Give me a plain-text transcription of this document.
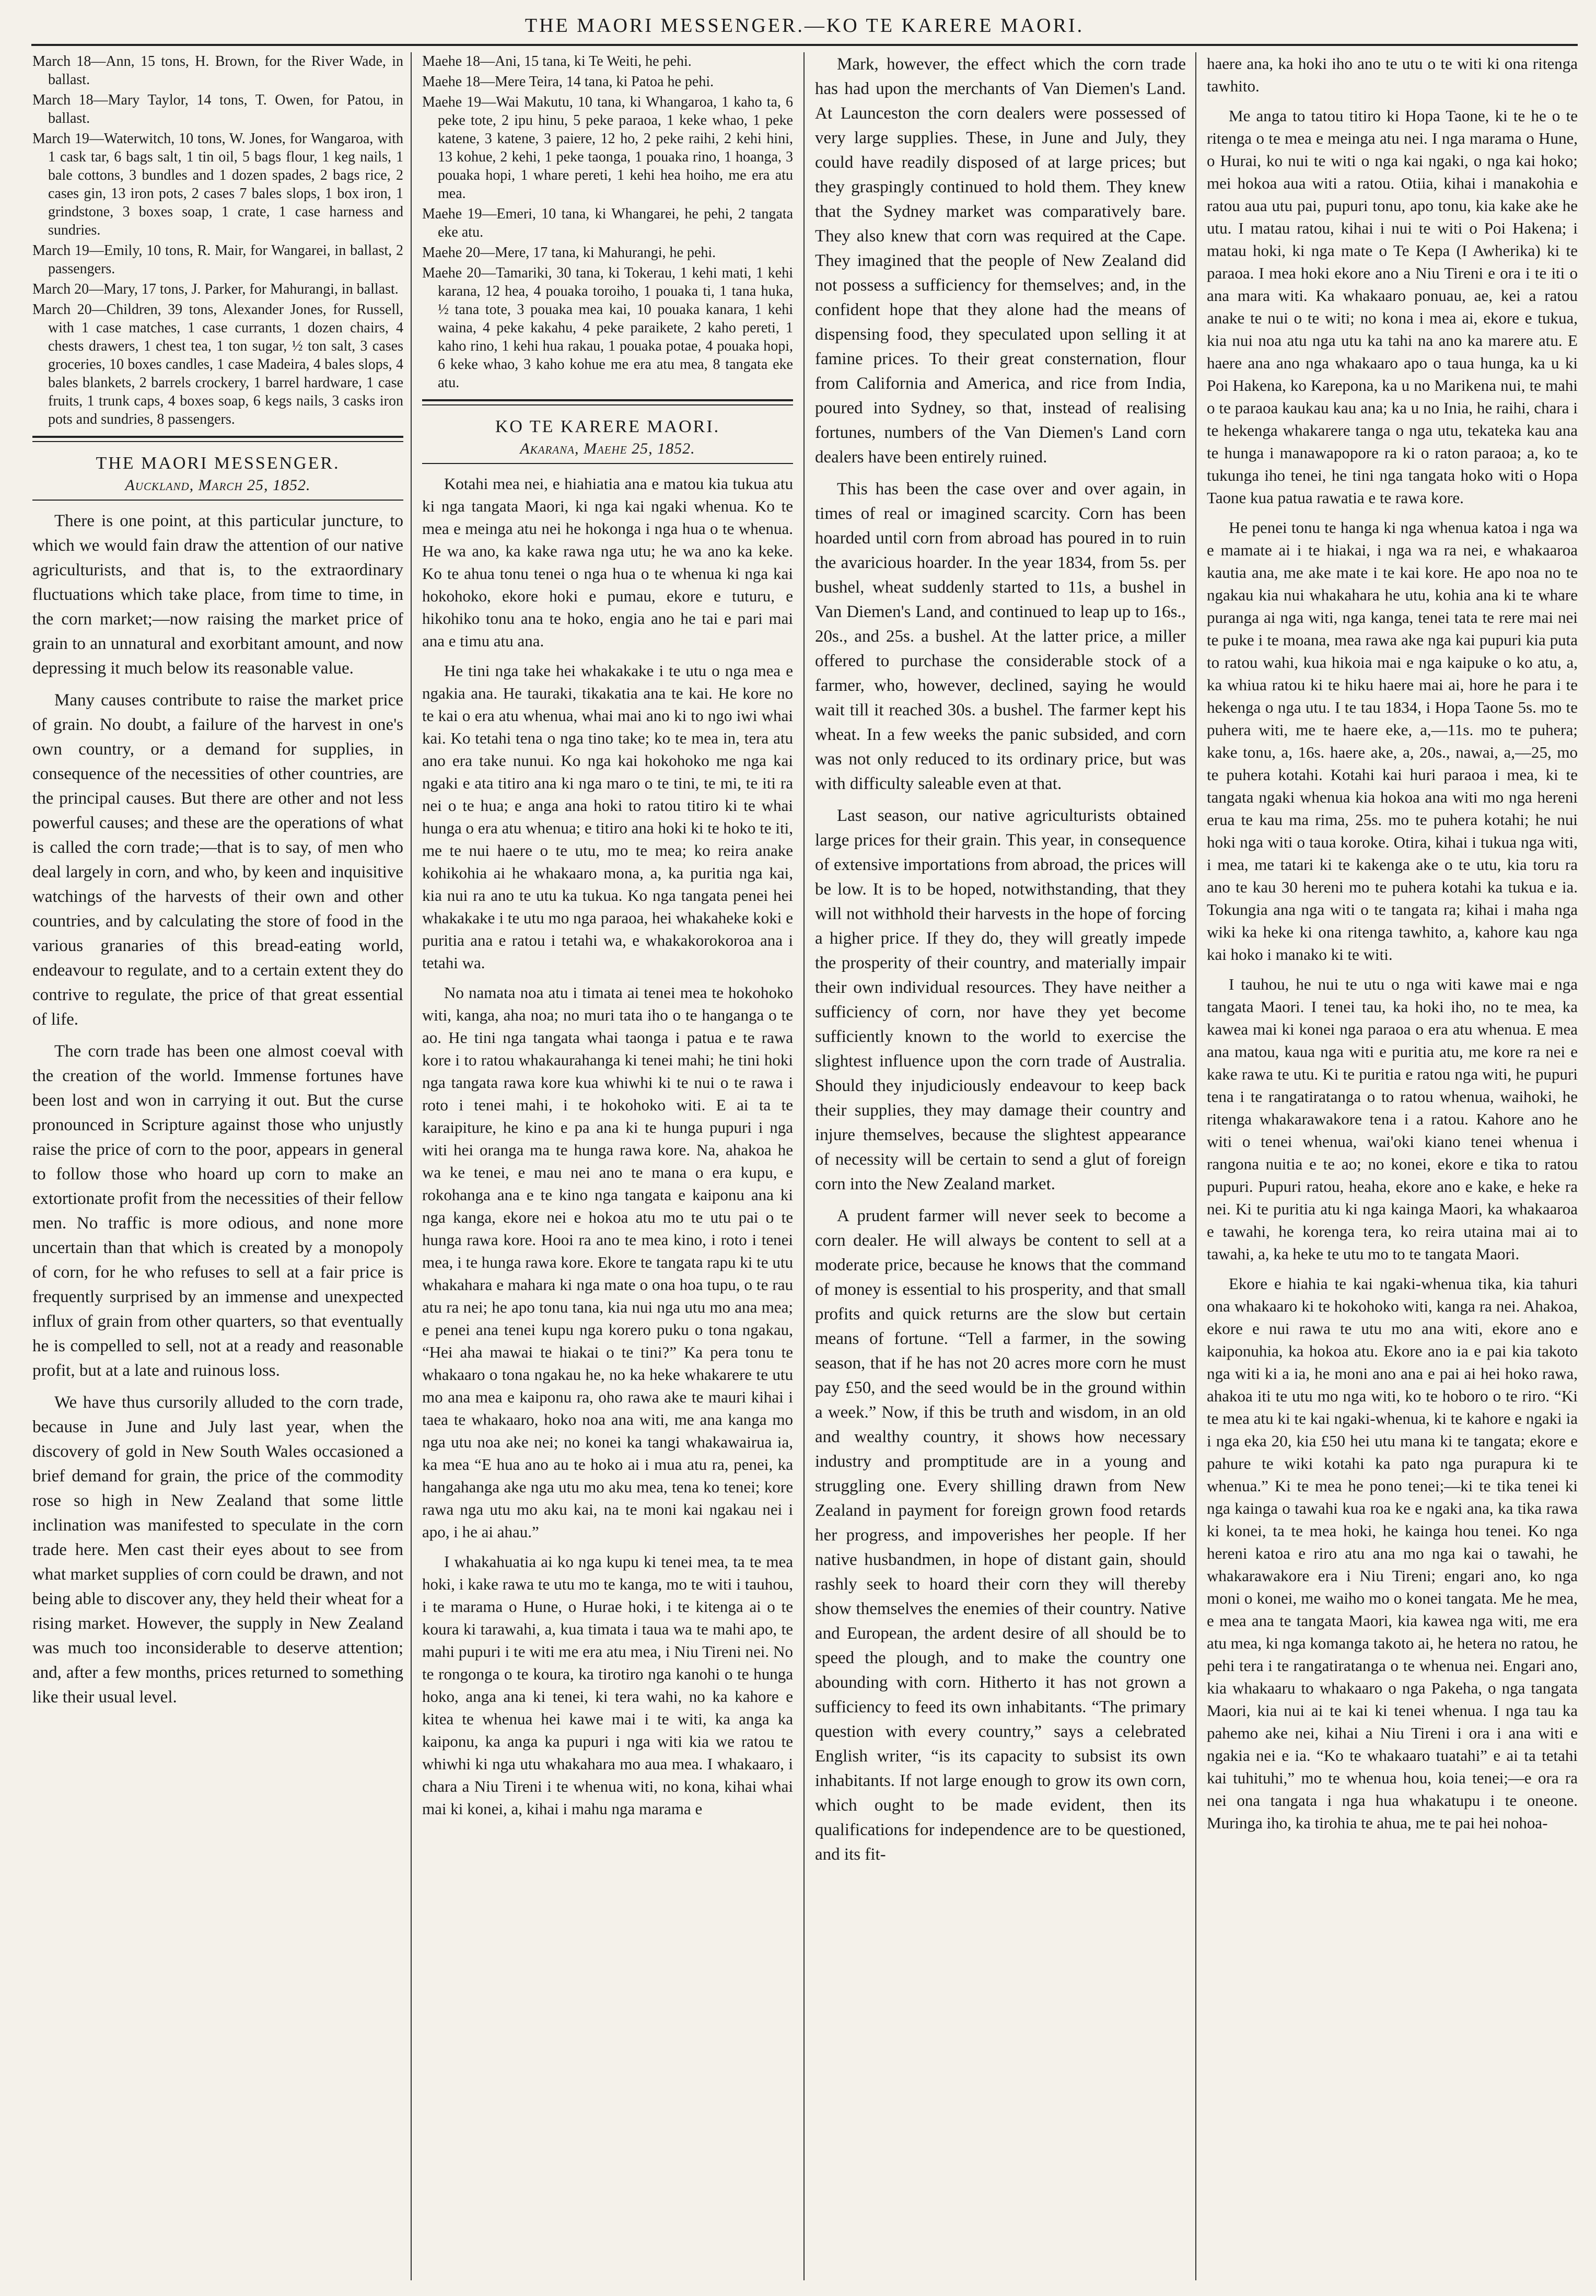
THE MAORI MESSENGER.—KO TE KARERE MAORI.

March 18—Ann, 15 tons, H. Brown, for the River Wade, in ballast.

March 18—Mary Taylor, 14 tons, T. Owen, for Patou, in ballast.

March 19—Waterwitch, 10 tons, W. Jones, for Wangaroa, with 1 cask tar, 6 bags salt, 1 tin oil, 5 bags flour, 1 keg nails, 1 bale cottons, 3 bundles and 1 dozen spades, 2 bags rice, 2 cases gin, 13 iron pots, 2 cases 7 bales slops, 1 box iron, 1 grindstone, 3 boxes soap, 1 crate, 1 case harness and sundries.

March 19—Emily, 10 tons, R. Mair, for Wangarei, in ballast, 2 passengers.

March 20—Mary, 17 tons, J. Parker, for Mahurangi, in ballast.

March 20—Children, 39 tons, Alexander Jones, for Russell, with 1 case matches, 1 case currants, 1 dozen chairs, 4 chests drawers, 1 chest tea, 1 ton sugar, ½ ton salt, 3 cases groceries, 10 boxes candles, 1 case Madeira, 4 bales slops, 4 bales blankets, 2 barrels crockery, 1 barrel hardware, 1 case fruits, 1 trunk caps, 4 boxes soap, 6 kegs nails, 3 casks iron pots and sundries, 8 passengers.

THE MAORI MESSENGER.
Auckland, March 25, 1852.

There is one point, at this particular juncture, to which we would fain draw the attention of our native agriculturists, and that is, to the extraordinary fluctuations which take place, from time to time, in the corn market;—now raising the market price of grain to an unnatural and exorbitant amount, and now depressing it much below its reasonable value.

Many causes contribute to raise the market price of grain. No doubt, a failure of the harvest in one's own country, or a demand for supplies, in consequence of the necessities of other countries, are the principal causes. But there are other and not less powerful causes; and these are the operations of what is called the corn trade;—that is to say, of men who deal largely in corn, and who, by keen and inquisitive watchings of the harvests of their own and other countries, and by calculating the store of food in the various granaries of this bread-eating world, endeavour to regulate, and to a certain extent they do contrive to regulate, the price of that great essential of life.

The corn trade has been one almost coeval with the creation of the world. Immense fortunes have been lost and won in carrying it out. But the curse pronounced in Scripture against those who unjustly raise the price of corn to the poor, appears in general to follow those who hoard up corn to make an extortionate profit from the necessities of their fellow men. No traffic is more odious, and none more uncertain than that which is created by a monopoly of corn, for he who refuses to sell at a fair price is frequently surprised by an immense and unexpected influx of grain from other quarters, so that eventually he is compelled to sell, not at a ready and reasonable profit, but at a late and ruinous loss.

We have thus cursorily alluded to the corn trade, because in June and July last year, when the discovery of gold in New South Wales occasioned a brief demand for grain, the price of the commodity rose so high in New Zealand that some little inclination was manifested to speculate in the corn trade here. Men cast their eyes about to see from what market supplies of corn could be drawn, and not being able to discover any, they held their wheat for a rising market. However, the supply in New Zealand was much too inconsiderable to deserve attention; and, after a few months, prices returned to something like their usual level.

Maehe 18—Ani, 15 tana, ki Te Weiti, he pehi.

Maehe 18—Mere Teira, 14 tana, ki Patoa he pehi.

Maehe 19—Wai Makutu, 10 tana, ki Whangaroa, 1 kaho ta, 6 peke tote, 2 ipu hinu, 5 peke paraoa, 1 keke whao, 1 peke katene, 3 katene, 3 paiere, 12 ho, 2 peke raihi, 2 kehi hini, 13 kohue, 2 kehi, 1 peke taonga, 1 pouaka rino, 1 hoanga, 3 pouaka hopi, 1 whare pereti, 1 kehi hea hoiho, me era atu mea.

Maehe 19—Emeri, 10 tana, ki Whangarei, he pehi, 2 tangata eke atu.

Maehe 20—Mere, 17 tana, ki Mahurangi, he pehi.

Maehe 20—Tamariki, 30 tana, ki Tokerau, 1 kehi mati, 1 kehi karana, 12 hea, 4 pouaka toroiho, 1 pouaka ti, 1 tana huka, ½ tana tote, 3 pouaka mea kai, 10 pouaka kanara, 1 kehi waina, 4 peke kakahu, 4 peke paraikete, 2 kaho pereti, 1 kaho rino, 1 kehi hua rakau, 1 pouaka potae, 4 pouaka hopi, 6 keke whao, 3 kaho kohue me era atu mea, 8 tangata eke atu.

KO TE KARERE MAORI.
Akarana, Maehe 25, 1852.

Kotahi mea nei, e hiahiatia ana e matou kia tukua atu ki nga tangata Maori, ki nga kai ngaki whenua. Ko te mea e meinga atu nei he hokonga i nga hua o te whenua. He wa ano, ka kake rawa nga utu; he wa ano ka keke. Ko te ahua tonu tenei o nga hua o te whenua ki nga kai hokohoko, ekore hoki e pumau, ekore e tuturu, e hikohiko tonu ana te hoko, engia ano he tai e pari mai ana e timu atu ana.

He tini nga take hei whakakake i te utu o nga mea e ngakia ana. He tauraki, tikakatia ana te kai. He kore no te kai o era atu whenua, whai mai ano ki to ngo iwi whai kai. Ko tetahi tena o nga tino take; ko te mea in, tera atu ano era take nunui. Ko nga kai hokohoko me nga kai ngaki e ata titiro ana ki nga maro o te tini, te mi, te iti ra nei o te hua; e anga ana hoki to ratou titiro ki te whai hunga o era atu whenua; e titiro ana hoki ki te hoko te iti, me te nui haere o te utu, mo te mea; ko reira anake kohikohia ai he whakaaro mona, a, ka puritia nga kai, kia nui ra ano te utu ka tukua. Ko nga tangata penei hei whakakake i te utu mo nga paraoa, hei whakaheke koki e puritia ana e ratou i tetahi wa, e whakakorokoroa ana i tetahi wa.

No namata noa atu i timata ai tenei mea te hokohoko witi, kanga, aha noa; no muri tata iho o te hanganga o te ao. He tini nga tangata whai taonga i patua e te rawa kore i to ratou whakaurahanga ki tenei mahi; he tini hoki nga tangata rawa kore kua whiwhi ki te nui o te rawa i roto i tenei mahi, i te hokohoko witi. E ai ta te karaipiture, he kino e pa ana ki te hunga pupuri i nga witi hei oranga ma te hunga rawa kore. Na, ahakoa he wa ke tenei, e mau nei ano te mana o era kupu, e rokohanga ana e te kino nga tangata e kaiponu ana ki nga kanga, ekore nei e hokoa atu mo te utu pai o te hunga rawa kore. Hooi ra ano te mea kino, i roto i tenei mea, i te hunga rawa kore. Ekore te tangata rapu ki te utu whakahara e mahara ki nga mate o ona hoa tupu, o te rau atu ra nei; he apo tonu tana, kia nui nga utu mo ana mea; e penei ana tenei kupu nga korero puku o tona ngakau, “Hei aha mawai te hiakai o te tini?” Ka pera tonu te whakaaro o tona ngakau he, no ka heke whakarere te utu mo ana mea e kaiponu ra, oho rawa ake te mauri kihai i taea te whakaaro, hoko noa ana witi, me ana kanga mo nga utu noa ake nei; no konei ka tangi whakawairua ia, ka mea “E hua ano au te hoko ai i mua atu ra, penei, ka hangahanga ake nga utu mo aku mea, tena ko tenei; kore rawa nga utu mo aku kai, na te moni kai ngakau nei i apo, i he ai ahau.”

I whakahuatia ai ko nga kupu ki tenei mea, ta te mea hoki, i kake rawa te utu mo te kanga, mo te witi i tauhou, i te marama o Hune, o Hurae hoki, i te kitenga ai o te koura ki tarawahi, a, kua timata i taua wa te mahi apo, te mahi pupuri i te witi me era atu mea, i Niu Tireni nei. No te rongonga o te koura, ka tirotiro nga kanohi o te hunga hoko, anga ana ki tenei, ki tera wahi, no ka kahore e kitea te whenua hei kawe mai i te witi, ka anga ka kaiponu, ka anga ka pupuri i nga witi kia we ratou te whiwhi ki nga utu whakahara mo aua mea. I whakaaro, i chara a Niu Tireni i te whenua witi, no kona, kihai whai mai ki konei, a, kihai i mahu nga marama e

Mark, however, the effect which the corn trade has had upon the merchants of Van Diemen's Land. At Launceston the corn dealers were possessed of very large supplies. These, in June and July, they could have readily disposed of at large prices; but they graspingly continued to hold them. They knew that the Sydney market was comparatively bare. They also knew that corn was required at the Cape. They imagined that the people of New Zealand did not possess a sufficiency for themselves; and, in the confident hope that they alone had the means of dispensing food, they speculated upon selling it at famine prices. To their great consternation, flour from California and America, and rice from India, poured into Sydney, so that, instead of realising fortunes, numbers of the Van Diemen's Land corn dealers have been entirely ruined.

This has been the case over and over again, in times of real or imagined scarcity. Corn has been hoarded until corn from abroad has poured in to ruin the avaricious hoarder. In the year 1834, from 5s. per bushel, wheat suddenly started to 11s, a bushel in Van Diemen's Land, and continued to leap up to 16s., 20s., and 25s. a bushel. At the latter price, a miller offered to purchase the considerable stock of a farmer, who, however, declined, saying he would wait till it reached 30s. a bushel. The farmer kept his wheat. In a few weeks the panic subsided, and corn was not only reduced to its ordinary price, but was with difficulty saleable even at that.

Last season, our native agriculturists obtained large prices for their grain. This year, in consequence of extensive importations from abroad, the prices will be low. It is to be hoped, notwithstanding, that they will not withhold their harvests in the hope of forcing a higher price. If they do, they will greatly impede the prosperity of their country, and materially impair their own individual resources. They have neither a sufficiency of corn, nor have they yet become sufficiently known to the world to exercise the slightest influence upon the corn trade of Australia. Should they injudiciously endeavour to keep back their supplies, they may damage their country and injure themselves, because the slightest appearance of necessity will be certain to send a glut of foreign corn into the New Zealand market.

A prudent farmer will never seek to become a corn dealer. He will always be content to sell at a moderate price, because he knows that the command of money is essential to his prosperity, and that small profits and quick returns are the slow but certain means of fortune. “Tell a farmer, in the sowing season, that if he has not 20 acres more corn he must pay £50, and the seed would be in the ground within a week.” Now, if this be truth and wisdom, in an old and wealthy country, it shows how necessary industry and promptitude are in a young and struggling one. Every shilling drawn from New Zealand in payment for foreign grown food retards her progress, and impoverishes her people. If her native husbandmen, in hope of distant gain, should rashly seek to hoard their corn they will thereby show themselves the enemies of their country. Native and European, the ardent desire of all should be to speed the plough, and to make the country one abounding with corn. Hitherto it has not grown a sufficiency to feed its own inhabitants. “The primary question with every country,” says a celebrated English writer, “is its capacity to subsist its own inhabitants. If not large enough to grow its own corn, which ought to be made evident, then its qualifications for independence are to be questioned, and its fit-

haere ana, ka hoki iho ano te utu o te witi ki ona ritenga tawhito.

Me anga to tatou titiro ki Hopa Taone, ki te he o te ritenga o te mea e meinga atu nei. I nga marama o Hune, o Hurai, ko nui te witi o nga kai ngaki, o nga kai hoko; mei hokoa aua witi a ratou. Otiia, kihai i manakohia e ratou aua utu pai, pupuri tonu, apo tonu, kia kake ake he utu. I matau ratou, kihai i nui te witi o Poi Hakena; i matau hoki, ki nga mate o Te Kepa (I Awherika) ki te paraoa. I mea hoki ekore ano a Niu Tireni e ora i te iti o ana mara witi. Ka whakaaro ponuau, ae, kei a ratou anake te nui o te witi; no kona i mea ai, ekore e tukua, kia nui noa atu nga utu ka tahi na ano ka marere atu. E haere ana ano nga whakaaro apo o taua hunga, ka u ki Poi Hakena, ko Karepona, ka u no Marikena nui, te mahi o te paraoa kaukau kau ana; ka u no Inia, he raihi, chara i te hekenga whakarere tanga o nga utu, tekateka kau ana te hunga i manawapopore ra ki o raton paraoa; a, ko te tukunga iho tenei, he tini nga tangata hoko witi o Hopa Taone kua patua rawatia e te rawa kore.

He penei tonu te hanga ki nga whenua katoa i nga wa e mamate ai i te hiakai, i nga wa ra nei, e whakaaroa kautia ana, me ake mate i te kai kore. He apo noa no te ngakau kia nui whakahara he utu, kohia ana ki te whare puranga ai nga witi, nga kanga, tenei tata te rere mai nei te puke i te moana, mea rawa ake nga kai pupuri kia puta to ratou wahi, kua hikoia mai e nga kaipuke o ko atu, a, ka whiua ratou ki te hiku haere mai ai, hore he para i te hekenga o nga utu. I te tau 1834, i Hopa Taone 5s. mo te puhera witi, me te haere eke, a,—11s. mo te puhera; kake tonu, a, 16s. haere ake, a, 20s., nawai, a,—25, mo te puhera kotahi. Kotahi kai huri paraoa i mea, ki te tangata ngaki whenua kia hokoa ana witi mo nga hereni erua te kau ma rima, 25s. mo te puhera kotahi; he nui hoki nga witi o taua koroke. Otira, kihai i tukua nga witi, i mea, me tatari ki te kakenga ake o te utu, kia toru ra ano te kau 30 hereni mo te puhera kotahi ka tukua e ia. Tokungia ana nga witi o te tangata ra; kihai i maha nga wiki ka heke ki ona ritenga tawhito, a, kahore kau nga kai hoko i manako ki te witi.

I tauhou, he nui te utu o nga witi kawe mai e nga tangata Maori. I tenei tau, ka hoki iho, no te mea, ka kawea mai ki konei nga paraoa o era atu whenua. E mea ana matou, kaua nga witi e puritia atu, me kore ra nei e kake rawa te utu. Ki te puritia e ratou nga witi, he pupuri tena i te rangatiratanga o to ratou whenua, waihoki, he ritenga whakarawakore tena i a ratou. Kahore ano he witi o tenei whenua, wai'oki kiano tenei whenua i rangona nuitia e te ao; no konei, ekore e tika to ratou pupuri. Pupuri ratou, heaha, ekore ano e kake, e heke ra nei. Ki te puritia atu ki nga kainga Maori, ka whakaaroa e tawahi, he korenga tera, ko reira utaina mai ai to tawahi, a, ka heke te utu mo to te tangata Maori.

Ekore e hiahia te kai ngaki-whenua tika, kia tahuri ona whakaaro ki te hokohoko witi, kanga ra nei. Ahakoa, ekore e nui rawa te utu mo ana witi, ekore ano e kaiponuhia, ka hokoa atu. Ekore ano ia e pai kia takoto nga witi ki a ia, he moni ano ana e pai ai hei hoko rawa, ahakoa iti te utu mo nga witi, ko te hoboro o te riro. “Ki te mea atu ki te kai ngaki-whenua, ki te kahore e ngaki ia i nga eka 20, kia £50 hei utu mana ki te tangata; ekore e pahure te wiki kotahi ka pato nga purapura ki te whenua.” Ki te mea he pono tenei;—ki te tika tenei ki nga kainga o tawahi kua roa ke e ngaki ana, ka tika rawa ki konei, ta te mea hoki, he kainga hou tenei. Ko nga hereni katoa e riro atu ana mo nga kai o tawahi, he whakarawakore era i Niu Tireni; engari ano, ko nga moni o konei, me waiho mo o konei tangata. Me he mea, e mea ana te tangata Maori, kia kawea nga witi, me era atu mea, ki nga komanga takoto ai, he hetera no ratou, he pehi tera i te rangatiratanga o te whenua nei. Engari ano, kia whakaaru to whakaaro o nga Pakeha, o nga tangata Maori, kia nui ai te kai ki tenei whenua. I nga tau ka pahemo ake nei, kihai a Niu Tireni i ora i ana witi e ngakia nei e ia. “Ko te whakaaro tuatahi” e ai ta tetahi kai tuhituhi,” mo te whenua hou, koia tenei;—e ora ra nei ona tangata i nga hua whakatupu i te oneone. Muringa iho, ka tirohia te ahua, me te pai hei nohoa-
